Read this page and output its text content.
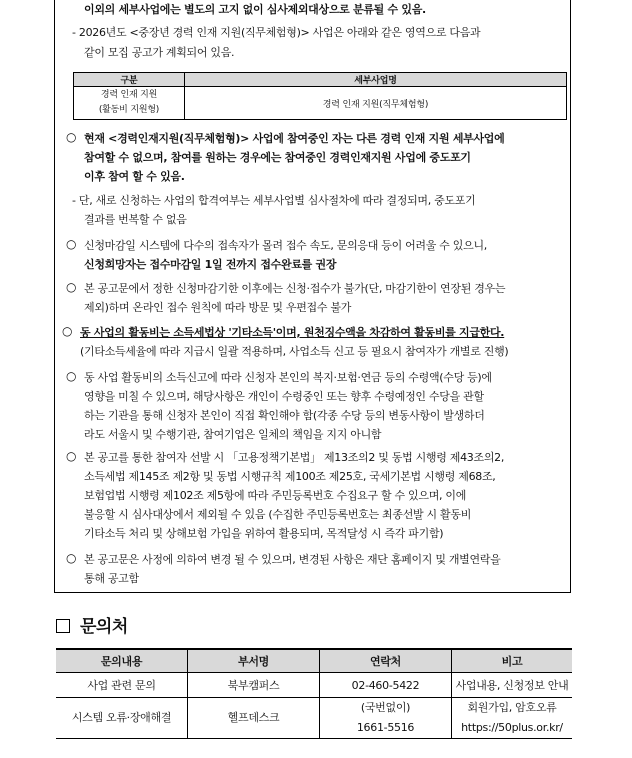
이외의 세부사업에는 별도의 고지 없이 심사제외대상으로 분류될 수 있음.
- 2026년도 <중장년 경력 인재 지원(직무체험형)> 사업은 아래와 같은 영역으로 다음과
같이 모집 공고가 계획되어 있음.
구분	세부사업명
경력 인재 지원
(활동비 지원형)	경력 인재 지원(직무체험형)
○ 현재 <경력인재지원(직무체험형)> 사업에 참여중인 자는 다른 경력 인재 지원 세부사업에
참여할 수 없으며, 참여를 원하는 경우에는 참여중인 경력인재지원 사업에 중도포기
이후 참여 할 수 있음.
- 단, 새로 신청하는 사업의 합격여부는 세부사업별 심사절차에 따라 결정되며, 중도포기
결과를 번복할 수 없음
○ 신청마감일 시스템에 다수의 접속자가 몰려 접수 속도, 문의응대 등이 어려울 수 있으니,
신청희망자는 접수마감일 1일 전까지 접수완료를 권장
○ 본 공고문에서 정한 신청마감기한 이후에는 신청·접수가 불가(단, 마감기한이 연장된 경우는
제외)하며 온라인 접수 원칙에 따라 방문 및 우편접수 불가
○ 동 사업의 활동비는 소득세법상 '기타소득'이며, 원천징수액을 차감하여 활동비를 지급한다.
(기타소득세율에 따라 지급시 일괄 적용하며, 사업소득 신고 등 필요시 참여자가 개별로 진행)
○ 동 사업 활동비의 소득신고에 따라 신청자 본인의 복지·보험·연금 등의 수령액(수당 등)에
영향을 미칠 수 있으며, 해당사항은 개인이 수령중인 또는 향후 수령예정인 수당을 관할
하는 기관을 통해 신청자 본인이 직접 확인해야 함(각종 수당 등의 변동사항이 발생하더
라도 서울시 및 수행기관, 참여기업은 일체의 책임을 지지 아니함
○ 본 공고를 통한 참여자 선발 시 「고용정책기본법」 제13조의2 및 동법 시행령 제43조의2,
소득세법 제145조 제2항 및 동법 시행규칙 제100조 제25호, 국세기본법 시행령 제68조,
보험업법 시행령 제102조 제5항에 따라 주민등록번호 수집요구 할 수 있으며, 이에
불응할 시 심사대상에서 제외될 수 있음 (수집한 주민등록번호는 최종선발 시 활동비
기타소득 처리 및 상해보험 가입을 위하여 활용되며, 목적달성 시 즉각 파기함)
○ 본 공고문은 사정에 의하여 변경 될 수 있으며, 변경된 사항은 재단 홈페이지 및 개별연락을
통해 공고함
문의처
문의내용	부서명	연락처	비고
사업 관련 문의	북부캠퍼스	02-460-5422	사업내용, 신청정보 안내
시스템 오류·장애해결	헬프데스크	(국번없이)
1661-5516	회원가입, 암호오류
https://50plus.or.kr/
